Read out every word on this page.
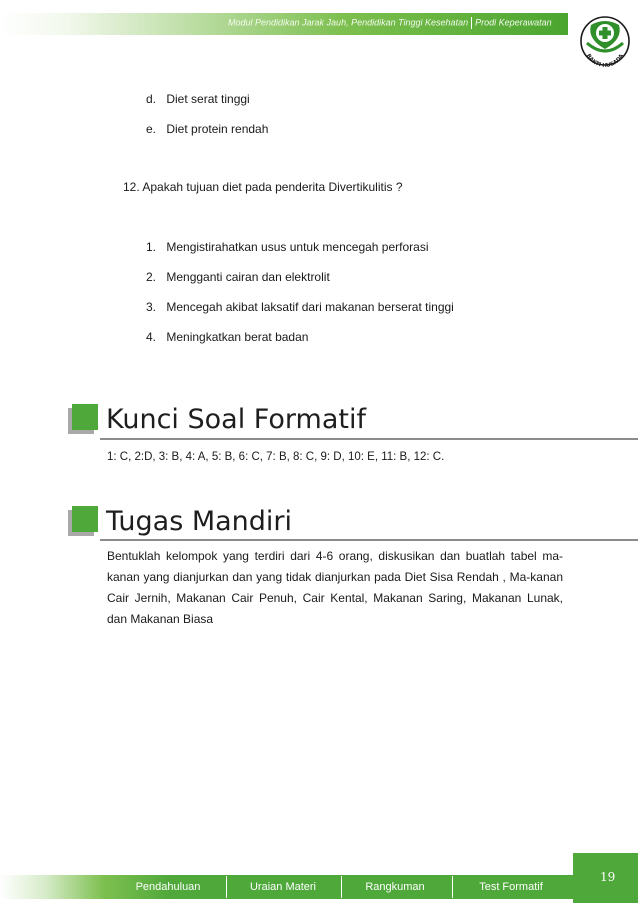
Modul Pendidikan Jarak Jauh, Pendidikan Tinggi Kesehatan Prodi Keperawatan
BAKTI HUSADA
d. Diet serat tinggi
e. Diet protein rendah
12. Apakah tujuan diet pada penderita Divertikulitis ?
1. Mengistirahatkan usus untuk mencegah perforasi
2. Mengganti cairan dan elektrolit
3. Mencegah akibat laksatif dari makanan berserat tinggi
4. Meningkatkan berat badan
Kunci Soal Formatif
1: C, 2:D, 3: B, 4: A, 5: B, 6: C, 7: B, 8: C, 9: D, 10: E, 11: B, 12: C.
Tugas Mandiri
Bentuklah kelompok yang terdiri dari 4-6 orang, diskusikan dan buatlah tabel ma-kanan yang dianjurkan dan yang tidak dianjurkan pada Diet Sisa Rendah , Ma-kanan Cair Jernih, Makanan Cair Penuh, Cair Kental, Makanan Saring, Makanan Lunak, dan Makanan Biasa
19
Pendahuluan	Uraian Materi	Rangkuman	Test Formatif
